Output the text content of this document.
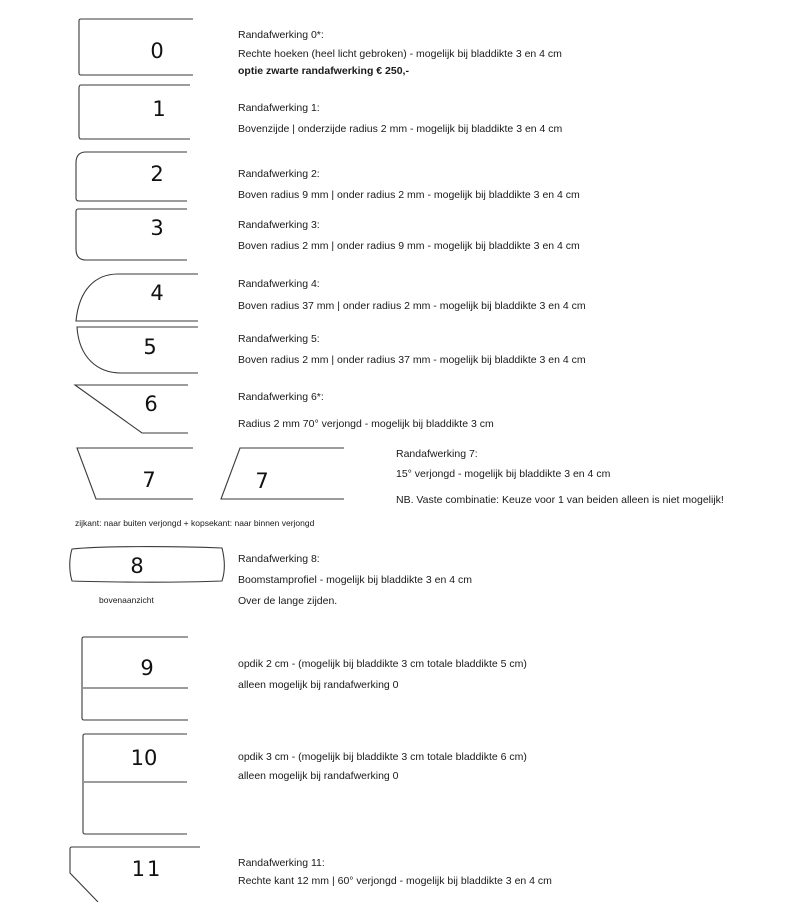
0
1
2
3
4
5
6
7	7
8
9
10
11
Randafwerking 0*:
Rechte hoeken (heel licht gebroken) - mogelijk bij bladdikte 3 en 4 cm
optie zwarte randafwerking € 250,-
Randafwerking 1:
Bovenzijde | onderzijde radius 2 mm - mogelijk bij bladdikte 3 en 4 cm
Randafwerking 2:
Boven radius 9 mm | onder radius 2 mm - mogelijk bij bladdikte 3 en 4 cm
Randafwerking 3:
Boven radius 2 mm | onder radius 9 mm - mogelijk bij bladdikte 3 en 4 cm
Randafwerking 4:
Boven radius 37 mm | onder radius 2 mm - mogelijk bij bladdikte 3 en 4 cm
Randafwerking 5:
Boven radius 2 mm | onder radius 37 mm - mogelijk bij bladdikte 3 en 4 cm
Randafwerking 6*:
Radius 2 mm 70° verjongd - mogelijk bij bladdikte 3 cm
Randafwerking 7:
15° verjongd - mogelijk bij bladdikte 3 en 4 cm
NB. Vaste combinatie: Keuze voor 1 van beiden alleen is niet mogelijk!
zijkant: naar buiten verjongd + kopsekant: naar binnen verjongd
Randafwerking 8:
Boomstamprofiel - mogelijk bij bladdikte 3 en 4 cm
Over de lange zijden.
bovenaanzicht
opdik 2 cm - (mogelijk bij bladdikte 3 cm totale bladdikte 5 cm)
alleen mogelijk bij randafwerking 0
opdik 3 cm - (mogelijk bij bladdikte 3 cm totale bladdikte 6 cm)
alleen mogelijk bij randafwerking 0
Randafwerking 11:
Rechte kant 12 mm | 60° verjongd - mogelijk bij bladdikte 3 en 4 cm
